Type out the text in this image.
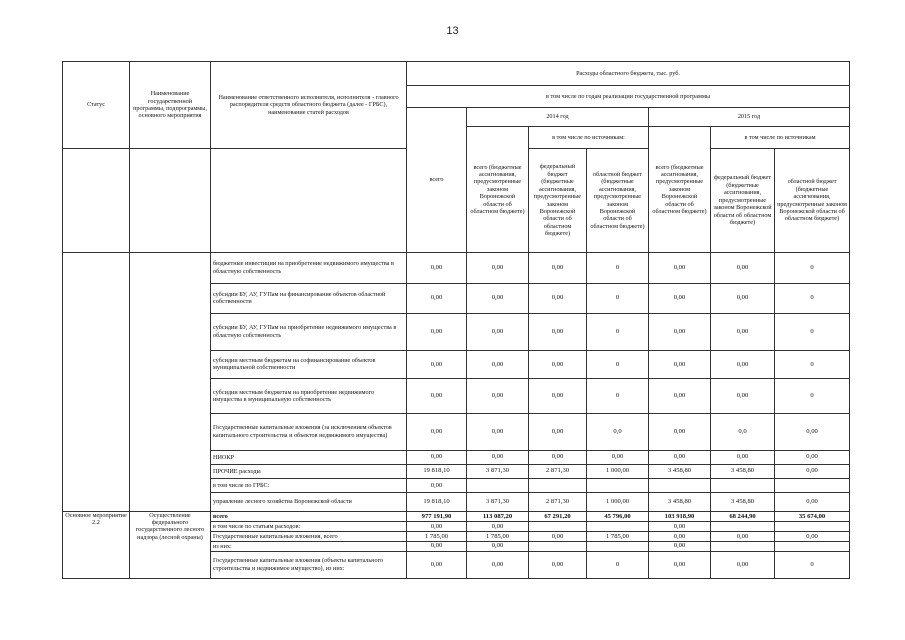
13
Статус	Наименование государственной программы, подпрограммы, основного мероприятия	Наименование ответственного исполнителя, исполнителя - главного распорядителя средств областного бюджета (далее - ГРБС), наименование статей расходов	Расходы областного бюджета, тыс. руб.						
			в том числе по годам реализации государственной программы						
			всего	2014 год			2015 год		
				всего (бюджетные ассигнования, предусмотренные законом Воронежской области об областном бюджете)	в том числе по источникам:		всего (бюджетные ассигнования, предусмотренные законом Воронежской области об областном бюджете)	в том числе по источникам	
					федеральный бюджет (бюджетные ассигнования, предусмотренные законом Воронежской области об областном бюджете)	областной бюджет (бюджетные ассигнования, предусмотренные законом Воронежской области об областном бюджете)		федеральный бюджет (бюджетные ассигнования, предусмотренные законом Воронежской области об областном бюджете)	областной бюджет (бюджетные ассигнования, предусмотренные законом Воронежской области об областном бюджете)
		бюджетные инвестиции на приобретение недвижимого имущества в областную собственность	0,00	0,00	0,00	0	0,00	0,00	0
		субсидии БУ, АУ, ГУПам на финансирование объектов областной собственности	0,00	0,00	0,00	0	0,00	0,00	0
		субсидии БУ, АУ, ГУПам на приобретение недвижимого имущества в областную собственность	0,00	0,00	0,00	0	0,00	0,00	0
		субсидии местным бюджетам на софинансирование объектов муниципальной собственности	0,00	0,00	0,00	0	0,00	0,00	0
		субсидии местным бюджетам на приобретение недвижимого имущества в муниципальную собственность	0,00	0,00	0,00	0	0,00	0,00	0
		Государственные капитальные вложения (за исключением объектов капитального строительства и объектов недвижимого имущества)	0,00	0,00	0,00	0,0	0,00	0,0	0,00
		НИОКР	0,00	0,00	0,00	0,00	0,00	0,00	0,00
		ПРОЧИЕ расходы	19 818,10	3 871,30	2 871,30	1 000,00	3 458,80	3 458,80	0,00
		в том числе по ГРБС:	0,00						
		управление лесного хозяйства Воронежской области	19 818,10	3 871,30	2 871,30	1 000,00	3 458,80	3 458,80	0,00
Основное мероприятие 2.2	Осуществление федерального государственного лесного надзора (лесной охраны)	всего	977 191,90	113 087,20	67 291,20	45 796,00	103 918,90	68 244,90	35 674,00
		в том числе по статьям расходов:	0,00	0,00			0,00		
		Государственные капитальные вложения, всего	1 785,00	1 785,00	0,00	1 785,00	0,00	0,00	0,00
		из них:	0,00	0,00			0,00		
		Государственные капитальные вложения (объекты капитального строительства и недвижимое имущество), из них:	0,00	0,00	0,00	0	0,00	0,00	0
